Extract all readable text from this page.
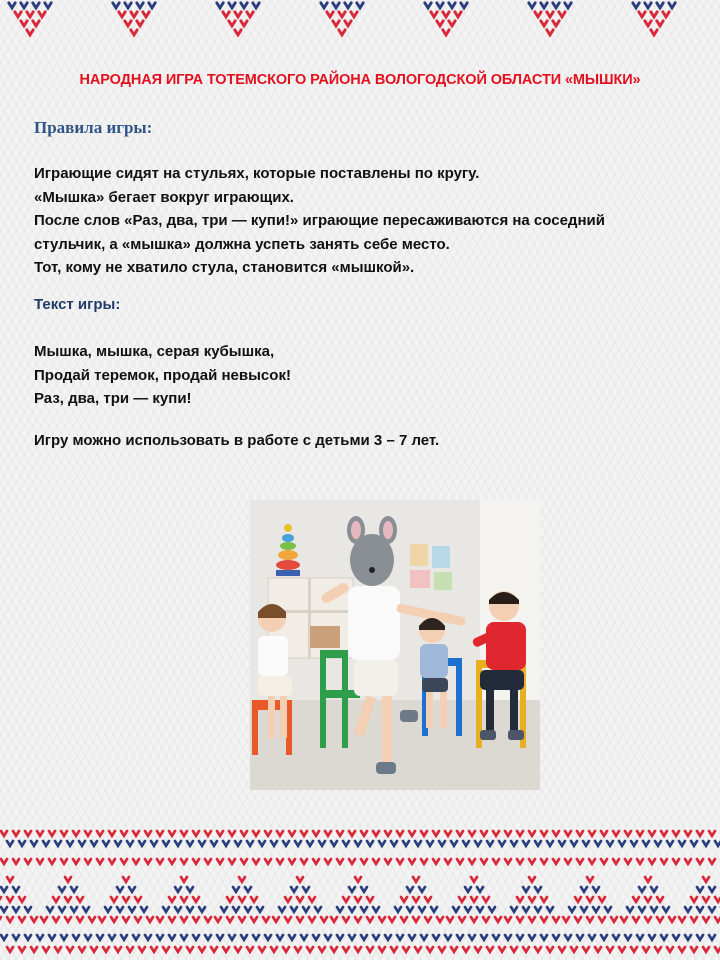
НАРОДНАЯ ИГРА ТОТЕМСКОГО РАЙОНА ВОЛОГОДСКОЙ ОБЛАСТИ «МЫШКИ»
Правила игры:
Играющие сидят на стульях, которые поставлены по кругу.
«Мышка» бегает вокруг играющих.
После слов «Раз, два, три — купи!» играющие пересаживаются на соседний
стульчик, а «мышка» должна успеть занять себе место.
Тот, кому не хватило стула, становится «мышкой».
Текст игры:
Мышка, мышка, серая кубышка,
Продай теремок, продай невысок!
Раз, два, три — купи!
Игру можно использовать в работе с детьми 3 – 7 лет.
